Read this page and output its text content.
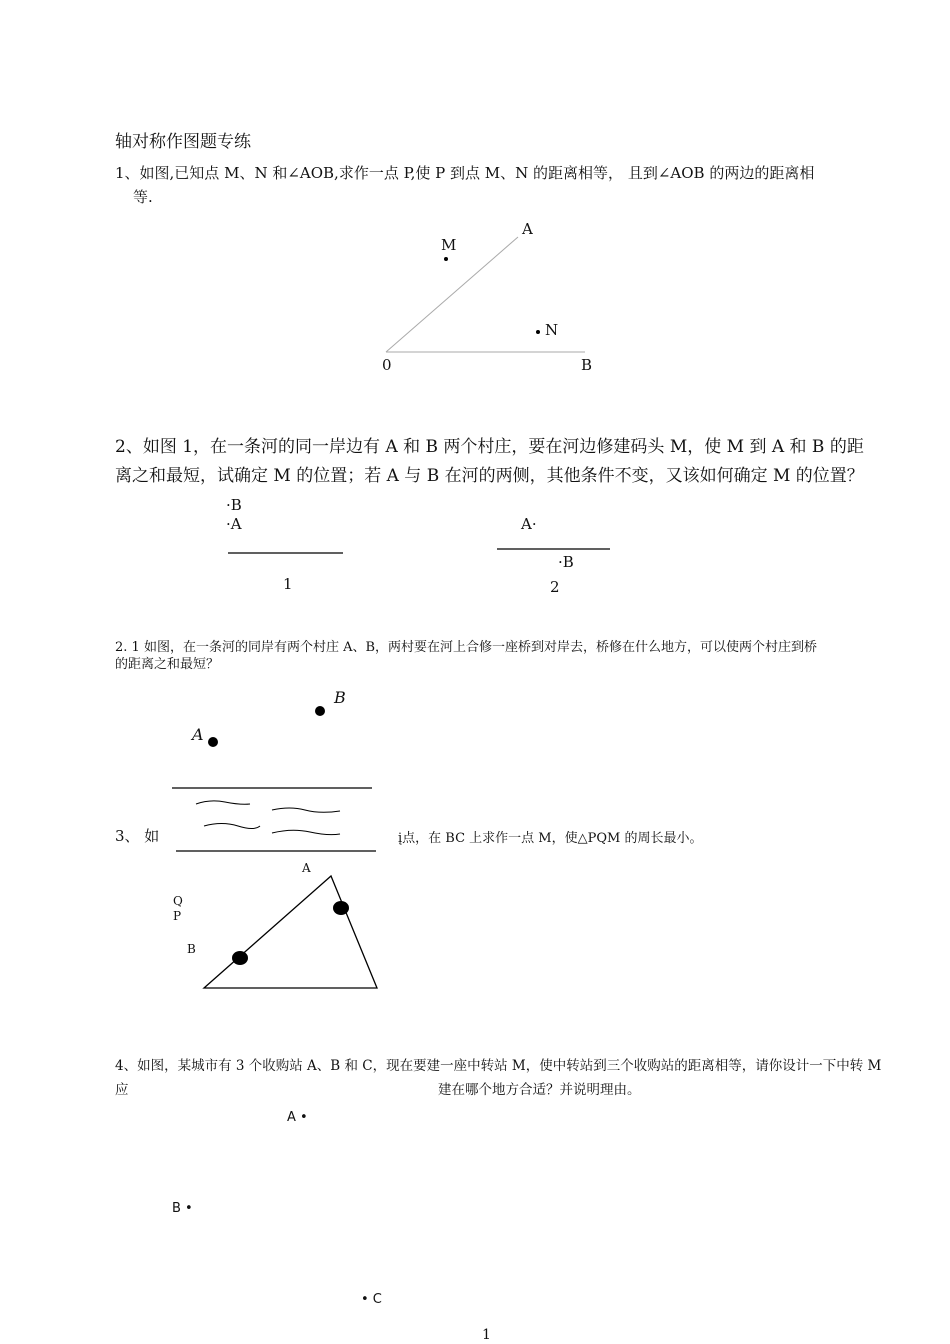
轴对称作图题专练
1、如图,已知点 M、N 和∠AOB,求作一点 P,使 P 到点 M、N 的距离相等， 且到∠AOB 的两边的距离相
等.
M
A
N
0	B
2、如图 1，在一条河的同一岸边有 A 和 B 两个村庄，要在河边修建码头 M，使 M 到 A 和 B 的距
离之和最短，试确定 M 的位置；若 A 与 B 在河的两侧，其他条件不变，又该如何确定 M 的位置？
·B
·A
1
A·
·B
2
2. 1 如图，在一条河的同岸有两个村庄 A、B，两村要在河上合修一座桥到对岸去，桥修在什么地方，可以使两个村庄到桥
的距离之和最短？
B
A
3、 如	į点，在 BC 上求作一点 M，使△PQM 的周长最小。
A
Q
P
B
4、如图，某城市有 3 个收购站 A、B 和 C，现在要建一座中转站 M，使中转站到三个收购站的距离相等，请你设计一下中转 M
应	建在哪个地方合适？并说明理由。
A •
B •
• C
1
